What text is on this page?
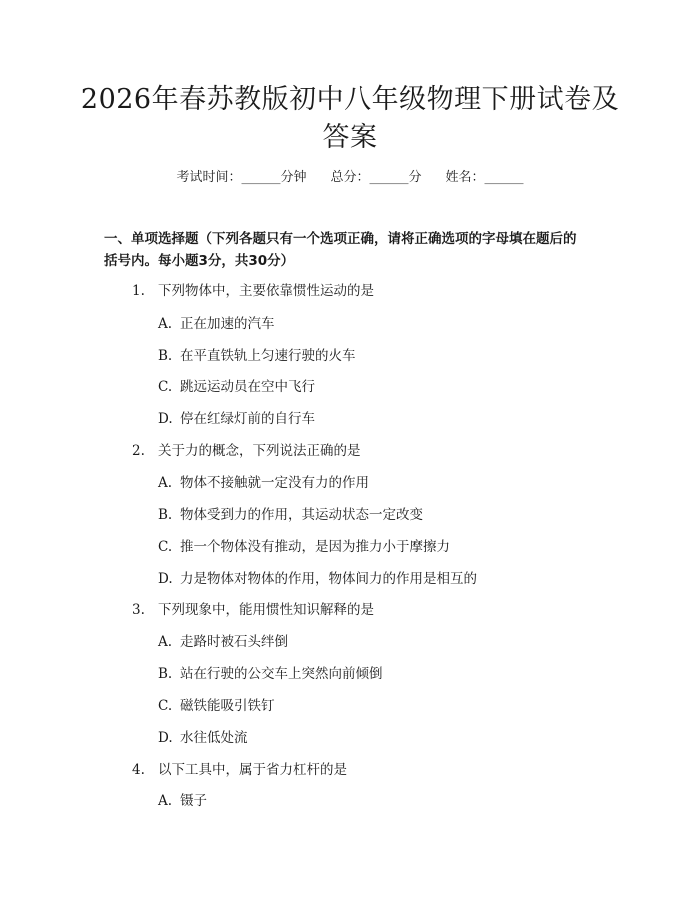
2026年春苏教版初中八年级物理下册试卷及
答案
考试时间：______分钟 总分：______分 姓名：______
一、单项选择题（下列各题只有一个选项正确，请将正确选项的字母填在题后的
括号内。每小题3分，共30分）
1. 下列物体中，主要依靠惯性运动的是
A. 正在加速的汽车
B. 在平直铁轨上匀速行驶的火车
C. 跳远运动员在空中飞行
D. 停在红绿灯前的自行车
2. 关于力的概念，下列说法正确的是
A. 物体不接触就一定没有力的作用
B. 物体受到力的作用，其运动状态一定改变
C. 推一个物体没有推动，是因为推力小于摩擦力
D. 力是物体对物体的作用，物体间力的作用是相互的
3. 下列现象中，能用惯性知识解释的是
A. 走路时被石头绊倒
B. 站在行驶的公交车上突然向前倾倒
C. 磁铁能吸引铁钉
D. 水往低处流
4. 以下工具中，属于省力杠杆的是
A. 镊子
